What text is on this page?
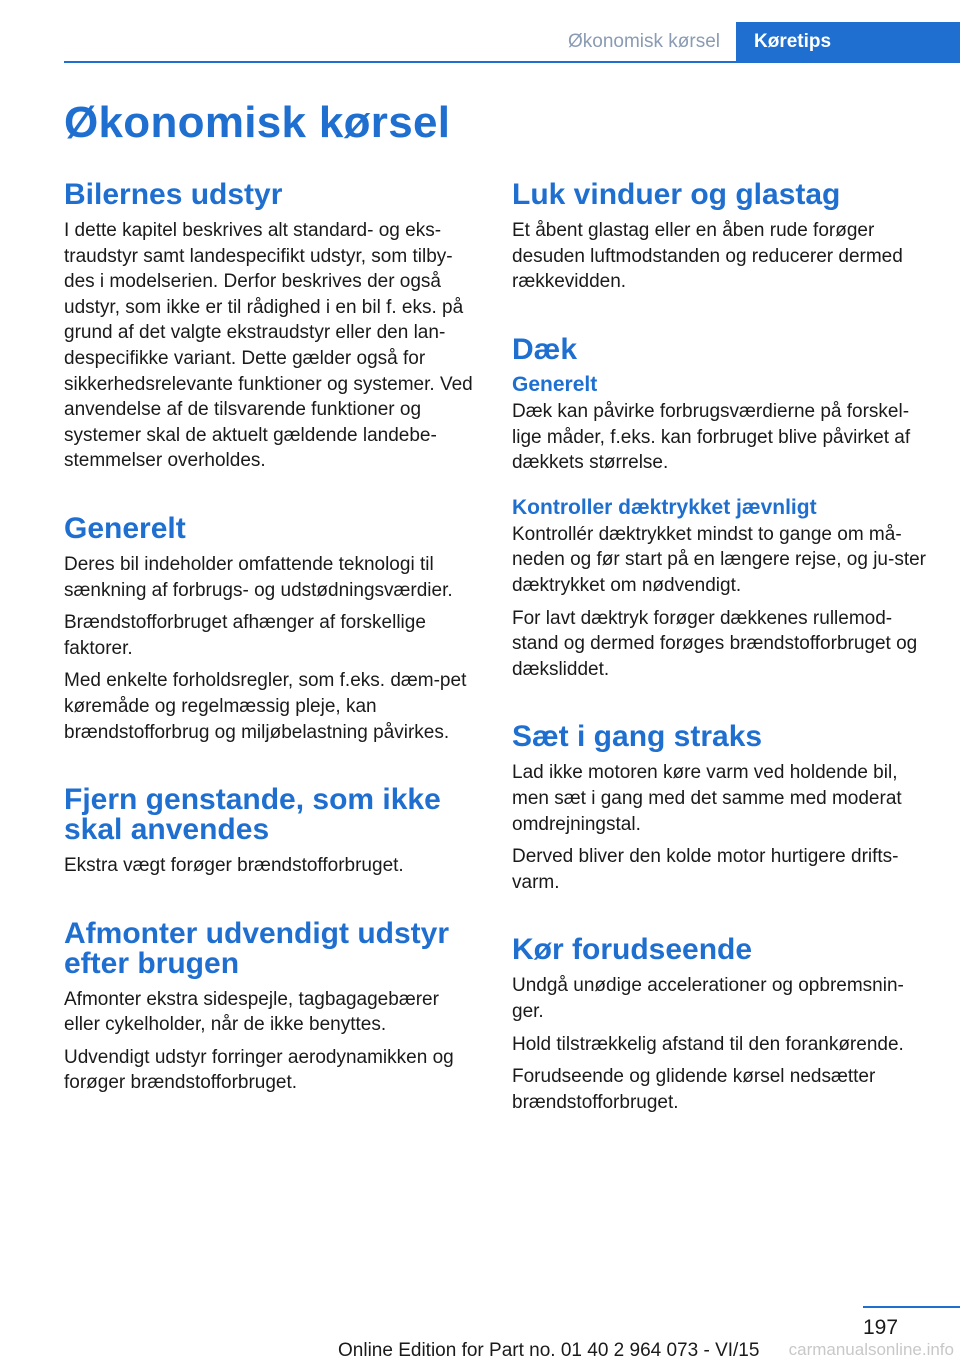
Økonomisk kørsel	Køretips
Økonomisk kørsel
Bilernes udstyr

I dette kapitel beskrives alt standard- og eks-traudstyr samt landespecifikt udstyr, som tilby-des i modelserien. Derfor beskrives der også udstyr, som ikke er til rådighed i en bil f. eks. på grund af det valgte ekstraudstyr eller den lan-despecifikke variant. Dette gælder også for sikkerhedsrelevante funktioner og systemer. Ved anvendelse af de tilsvarende funktioner og systemer skal de aktuelt gældende landebe-stemmelser overholdes.

Generelt

Deres bil indeholder omfattende teknologi til sænkning af forbrugs- og udstødningsværdier.

Brændstofforbruget afhænger af forskellige faktorer.

Med enkelte forholdsregler, som f.eks. dæm-pet køremåde og regelmæssig pleje, kan brændstofforbrug og miljøbelastning påvirkes.

Fjern genstande, som ikke skal anvendes

Ekstra vægt forøger brændstofforbruget.

Afmonter udvendigt udstyr efter brugen

Afmonter ekstra sidespejle, tagbagagebærer eller cykelholder, når de ikke benyttes.

Udvendigt udstyr forringer aerodynamikken og forøger brændstofforbruget.

Luk vinduer og glastag

Et åbent glastag eller en åben rude forøger desuden luftmodstanden og reducerer dermed rækkevidden.

Dæk
Generelt

Dæk kan påvirke forbrugsværdierne på forskel-lige måder, f.eks. kan forbruget blive påvirket af dækkets størrelse.

Kontroller dæktrykket jævnligt

Kontrollér dæktrykket mindst to gange om må-neden og før start på en længere rejse, og ju-ster dæktrykket om nødvendigt.

For lavt dæktryk forøger dækkenes rullemod-stand og dermed forøges brændstofforbruget og dæksliddet.

Sæt i gang straks

Lad ikke motoren køre varm ved holdende bil, men sæt i gang med det samme med moderat omdrejningstal.

Derved bliver den kolde motor hurtigere drifts-varm.

Kør forudseende

Undgå unødige accelerationer og opbremsnin-ger.

Hold tilstrækkelig afstand til den forankørende.

Forudseende og glidende kørsel nedsætter brændstofforbruget.

197
Online Edition for Part no. 01 40 2 964 073 - VI/15 carmanualsonline.info
